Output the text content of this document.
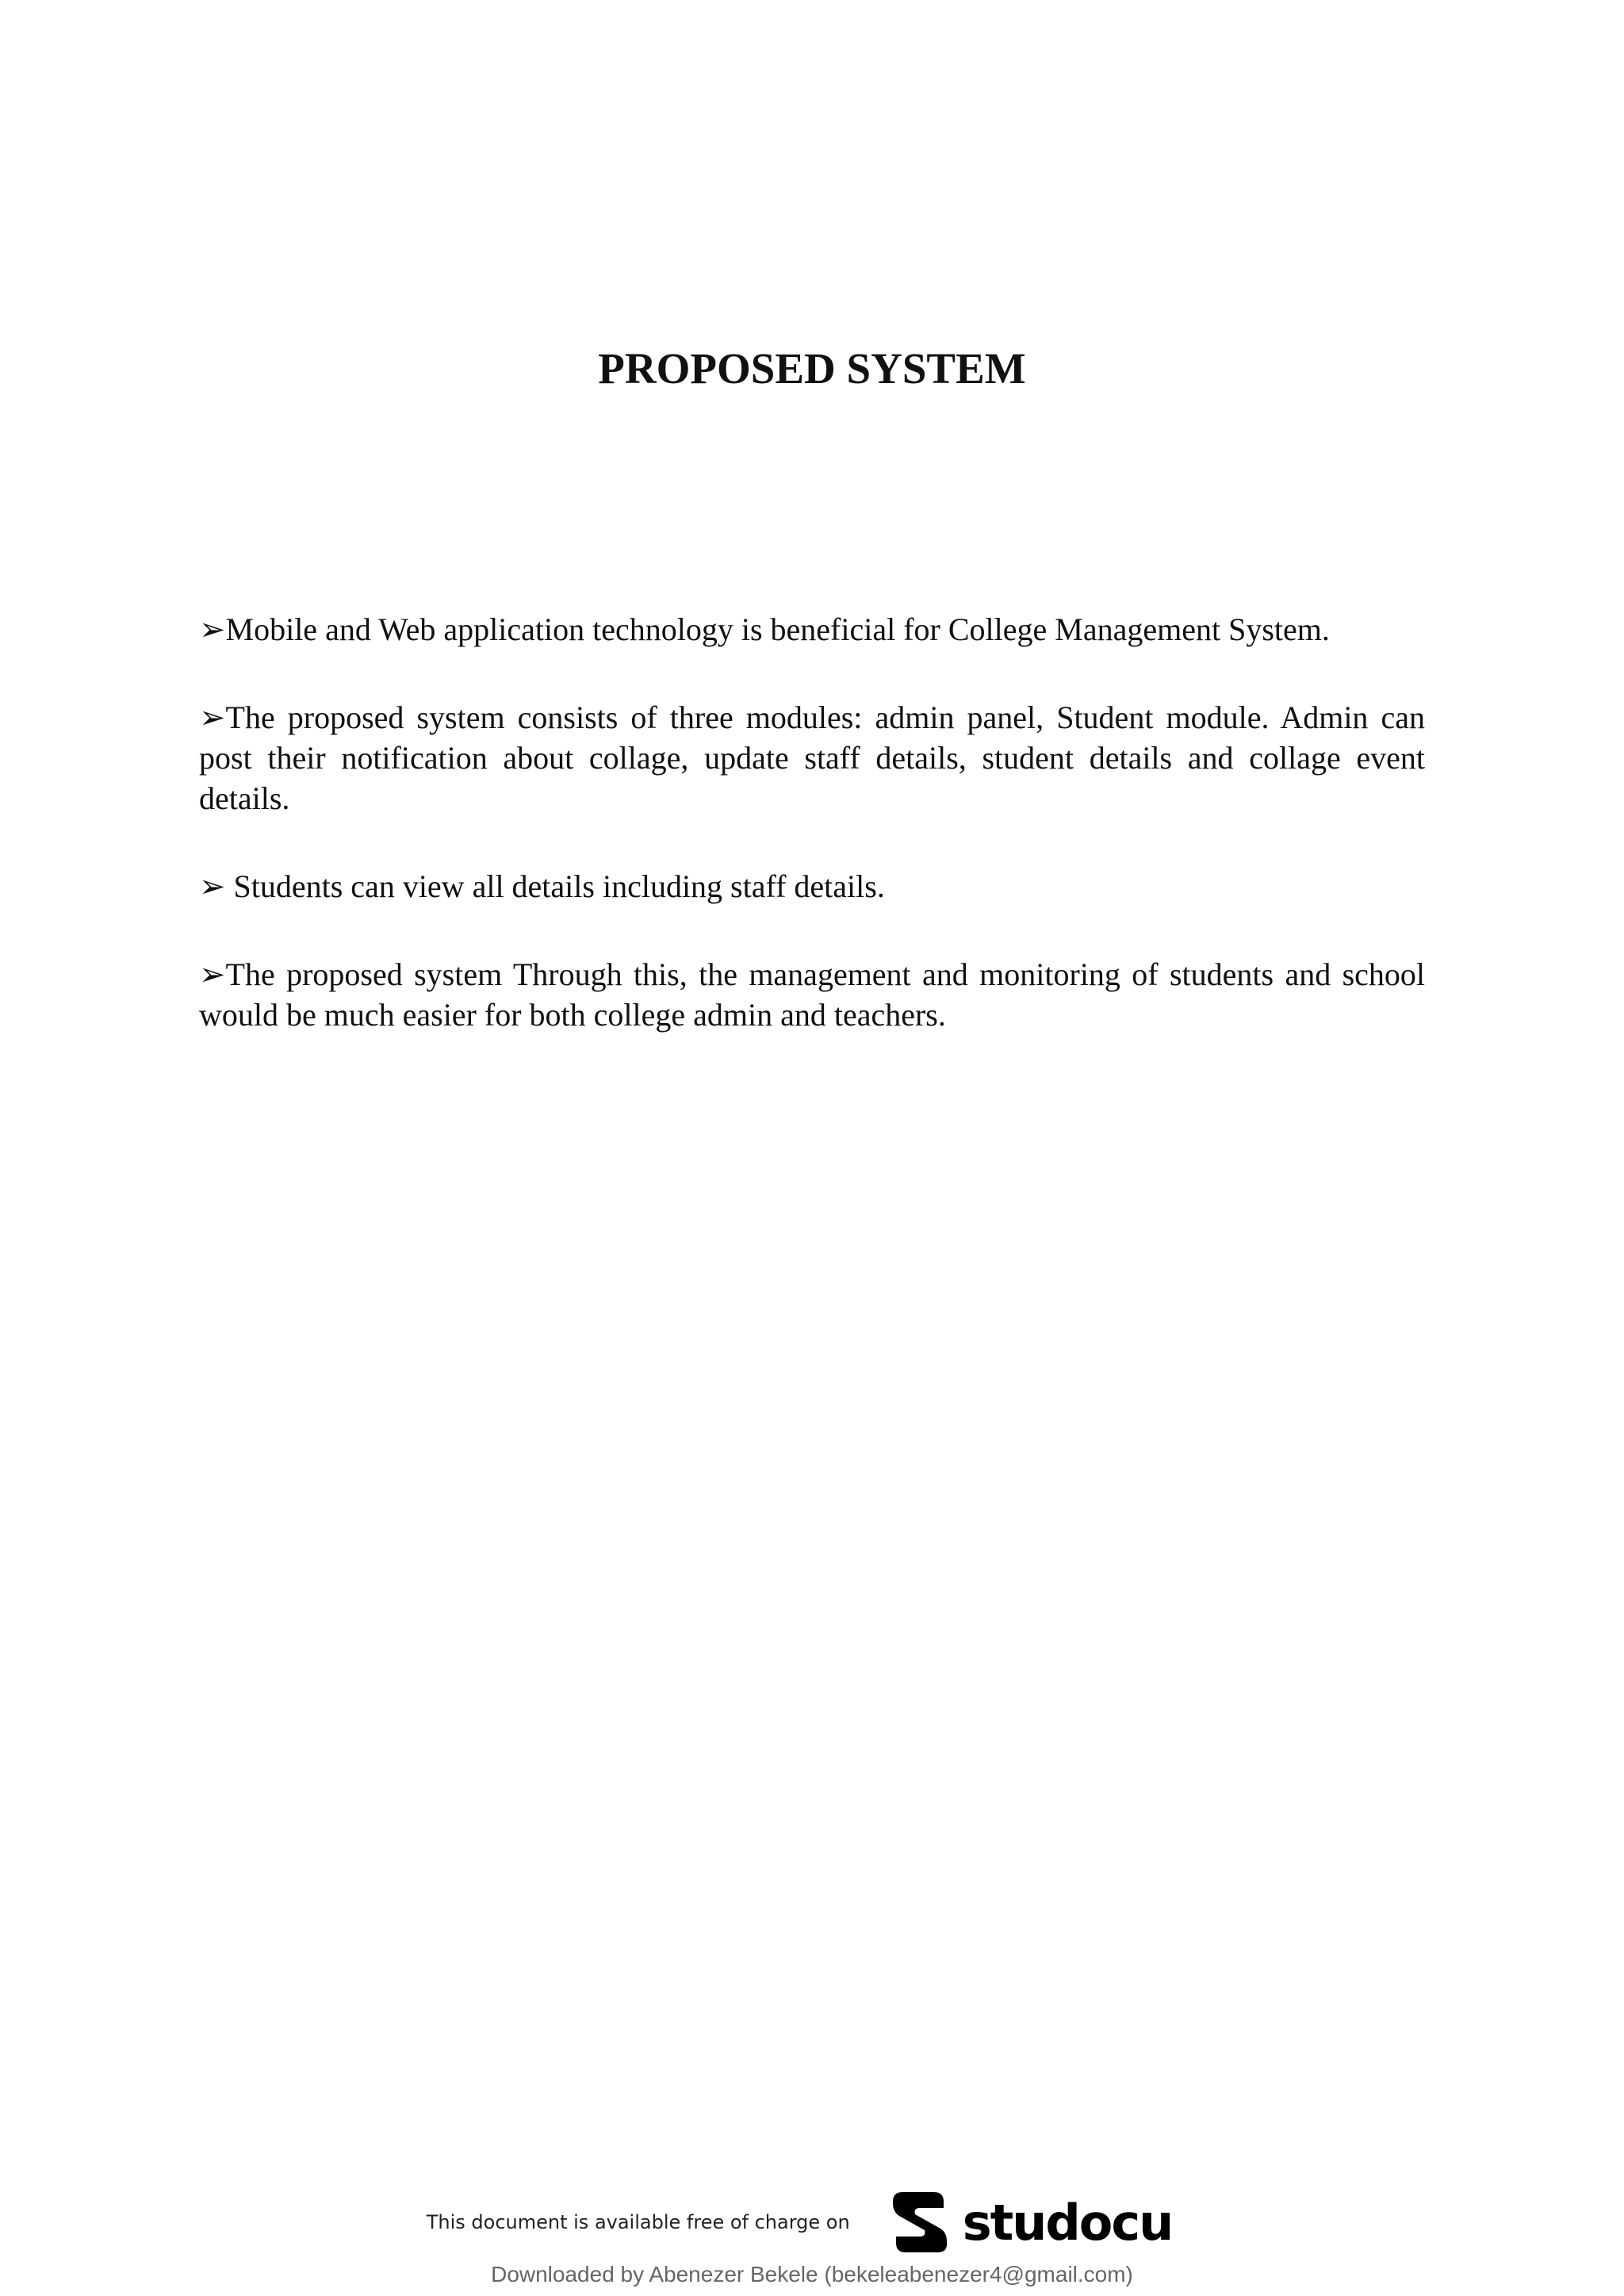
PROPOSED SYSTEM

➢Mobile and Web application technology is beneficial for College Management System.

➢The proposed system consists of three modules: admin panel, Student module. Admin can post their notification about collage, update staff details, student details and collage event details.

➢ Students can view all details including staff details.

➢The proposed system Through this, the management and monitoring of students and school would be much easier for both college admin and teachers.

This document is available free of charge on studocu
Downloaded by Abenezer Bekele (bekeleabenezer4@gmail.com)
